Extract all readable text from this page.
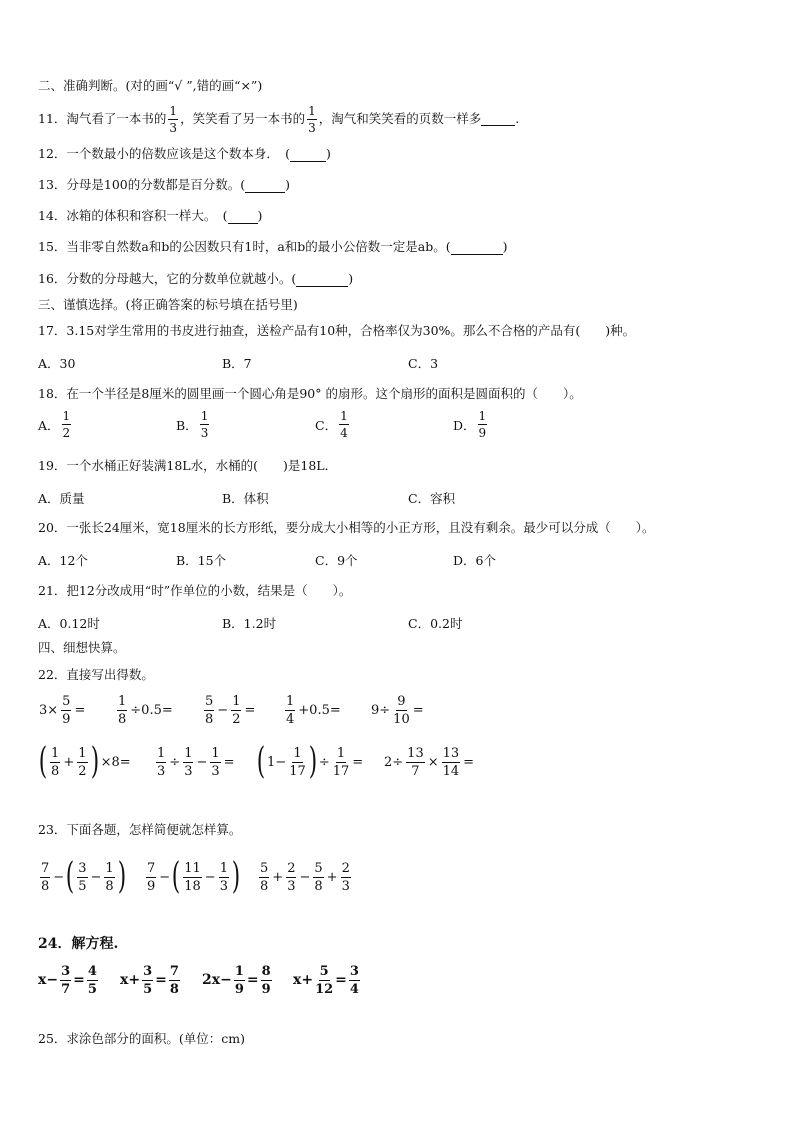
二、准确判断。(对的画“√ ”,错的画“×”)
11． 淘气看了一本书的 $\frac{1}{3}$ ，笑笑看了另一本书的 $\frac{1}{3}$ ，淘气和笑笑看的页数一样多	.
12．一个数最小的倍数应该是这个数本身．　(	)
13．分母是100的分数都是百分数。(	)
14．冰箱的体积和容积一样大。　( )
15．当非零自然数a和b的公因数只有1时，a和b的最小公倍数一定是ab。(	)
16．分数的分母越大，它的分数单位就越小。(	)
三、谨慎选择。(将正确答案的标号填在括号里)
17．3.15对学生常用的书皮进行抽查，送检产品有10种，合格率仅为30%。那么不合格的产品有(　　)种。
A．30	B．7	C．3
18．在一个半径是8厘米的圆里画一个圆心角是90° 的扇形。这个扇形的面积是圆面积的（　　）。
A． $\frac{1}{2}$	B． $\frac{1}{3}$	C． $\frac{1}{4}$	D． $\frac{1}{9}$
19．一个水桶正好装满18L水，水桶的(　　)是18L．
A．质量	B．体积	C．容积
20．一张长24厘米，宽18厘米的长方形纸，要分成大小相等的小正方形，且没有剩余。最少可以分成（　　）。
A．12个	B．15个	C．9个	D．6个
21．把12分改成用“时”作单位的小数，结果是（　　）。
A．0.12时	B．1.2时	C．0.2时
四、细想快算。
22．直接写出得数。
$3\times \frac{5}{9} = \frac{1}{8} \div 0.5= \frac{5}{8} - \frac{1}{2} = \frac{1}{4} +0.5= 9\div \frac{9}{10}$ =
( $\frac{1}{8} + \frac{1}{2}$ ) $\times 8= \frac{1}{3} \div \frac{1}{3} - \frac{1}{3}$ = ( $1- \frac{1}{17}$ ) ÷ $\frac{1}{17} = 2\div \frac{13}{7} \times \frac{13}{14}$ =
23．下面各题，怎样简便就怎样算。
$\frac{7}{8}$ − ( $\frac{3}{5} - \frac{1}{8}$ ) $\frac{7}{9}$ − ( $\frac{11}{18} - \frac{1}{3}$ ) $\frac{5}{8} + \frac{2}{3} - \frac{5}{8} + \frac{2}{3}$
24．解方程.
$x- \frac{3}{7} = \frac{4}{5} x+ \frac{3}{5} = \frac{7}{8} 2x- \frac{1}{9} = \frac{8}{9} x+ \frac{5}{12} = \frac{3}{4}$
25．求涂色部分的面积。(单位：cm)
